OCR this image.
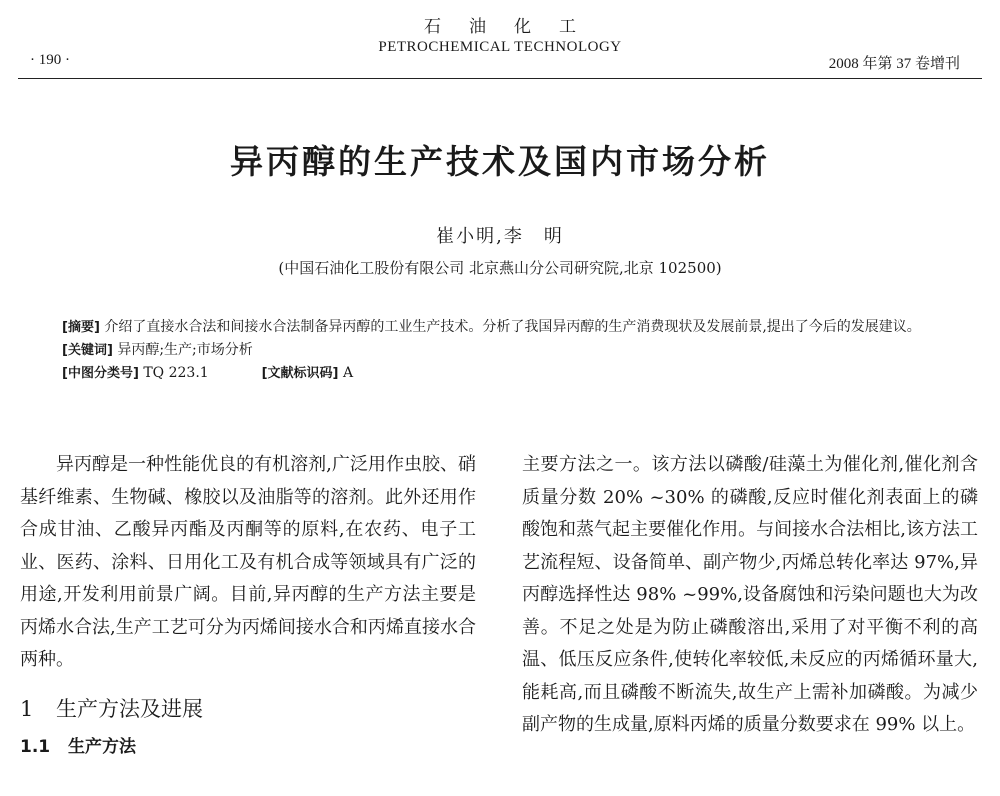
石油化工
PETROCHEMICAL TECHNOLOGY
· 190 ·	2008 年第 37 卷增刊
异丙醇的生产技术及国内市场分析
崔小明,李　明
(中国石油化工股份有限公司 北京燕山分公司研究院,北京 102500)
[摘要] 介绍了直接水合法和间接水合法制备异丙醇的工业生产技术。分析了我国异丙醇的生产消费现状及发展前景,提出了今后的发展建议。
[关键词] 异丙醇;生产;市场分析
[中图分类号] TQ 223.1	[文献标识码] A

异丙醇是一种性能优良的有机溶剂,广泛用作虫胶、硝基纤维素、生物碱、橡胶以及油脂等的溶剂。此外还用作合成甘油、乙酸异丙酯及丙酮等的原料,在农药、电子工业、医药、涂料、日用化工及有机合成等领域具有广泛的用途,开发利用前景广阔。目前,异丙醇的生产方法主要是丙烯水合法,生产工艺可分为丙烯间接水合和丙烯直接水合两种。

1 生产方法及进展

1.1 生产方法

主要方法之一。该方法以磷酸/硅藻土为催化剂,催化剂含质量分数 20% ~30% 的磷酸,反应时催化剂表面上的磷酸饱和蒸气起主要催化作用。与间接水合法相比,该方法工艺流程短、设备简单、副产物少,丙烯总转化率达 97%,异丙醇选择性达 98% ~99%,设备腐蚀和污染问题也大为改善。不足之处是为防止磷酸溶出,采用了对平衡不利的高温、低压反应条件,使转化率较低,未反应的丙烯循环量大,能耗高,而且磷酸不断流失,故生产上需补加磷酸。为减少副产物的生成量,原料丙烯的质量分数要求在 99% 以上。
